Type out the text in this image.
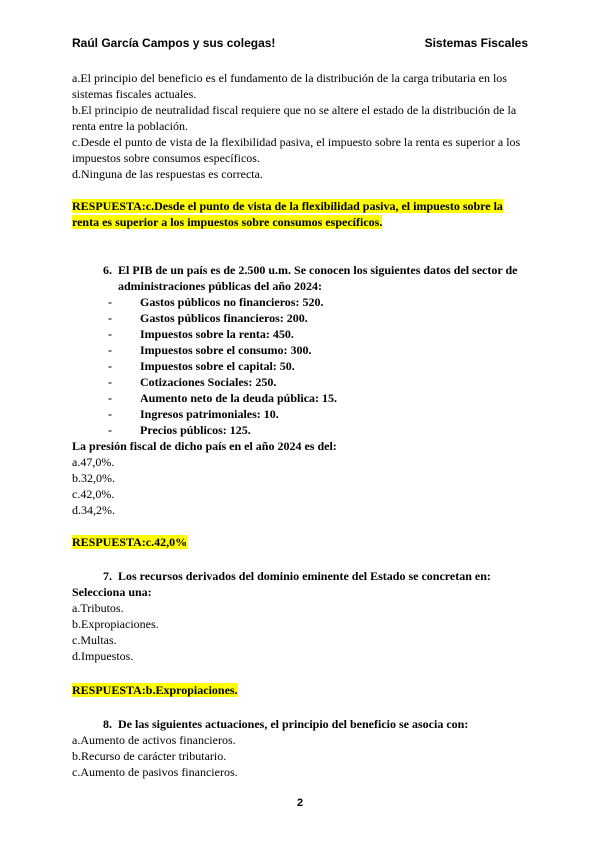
Raúl García Campos y sus colegas!	Sistemas Fiscales

a.El principio del beneficio es el fundamento de la distribución de la carga tributaria en los sistemas fiscales actuales.

b.El principio de neutralidad fiscal requiere que no se altere el estado de la distribución de la renta entre la población.

c.Desde el punto de vista de la flexibilidad pasiva, el impuesto sobre la renta es superior a los impuestos sobre consumos específicos.

d.Ninguna de las respuestas es correcta.

RESPUESTA:c.Desde el punto de vista de la flexibilidad pasiva, el impuesto sobre la renta es superior a los impuestos sobre consumos específicos.

6. El PIB de un país es de 2.500 u.m. Se conocen los siguientes datos del sector de administraciones públicas del año 2024:
-	Gastos públicos no financieros: 520.
-	Gastos públicos financieros: 200.
-	Impuestos sobre la renta: 450.
-	Impuestos sobre el consumo: 300.
-	Impuestos sobre el capital: 50.
-	Cotizaciones Sociales: 250.
-	Aumento neto de la deuda pública: 15.
-	Ingresos patrimoniales: 10.
-	Precios públicos: 125.

La presión fiscal de dicho país en el año 2024 es del:

a.47,0%.

b.32,0%.

c.42,0%.

d.34,2%.

RESPUESTA:c.42,0%

7. Los recursos derivados del dominio eminente del Estado se concretan en:

Selecciona una:

a.Tributos.

b.Expropiaciones.

c.Multas.

d.Impuestos.

RESPUESTA:b.Expropiaciones.

8. De las siguientes actuaciones, el principio del beneficio se asocia con:

a.Aumento de activos financieros.

b.Recurso de carácter tributario.

c.Aumento de pasivos financieros.

2
